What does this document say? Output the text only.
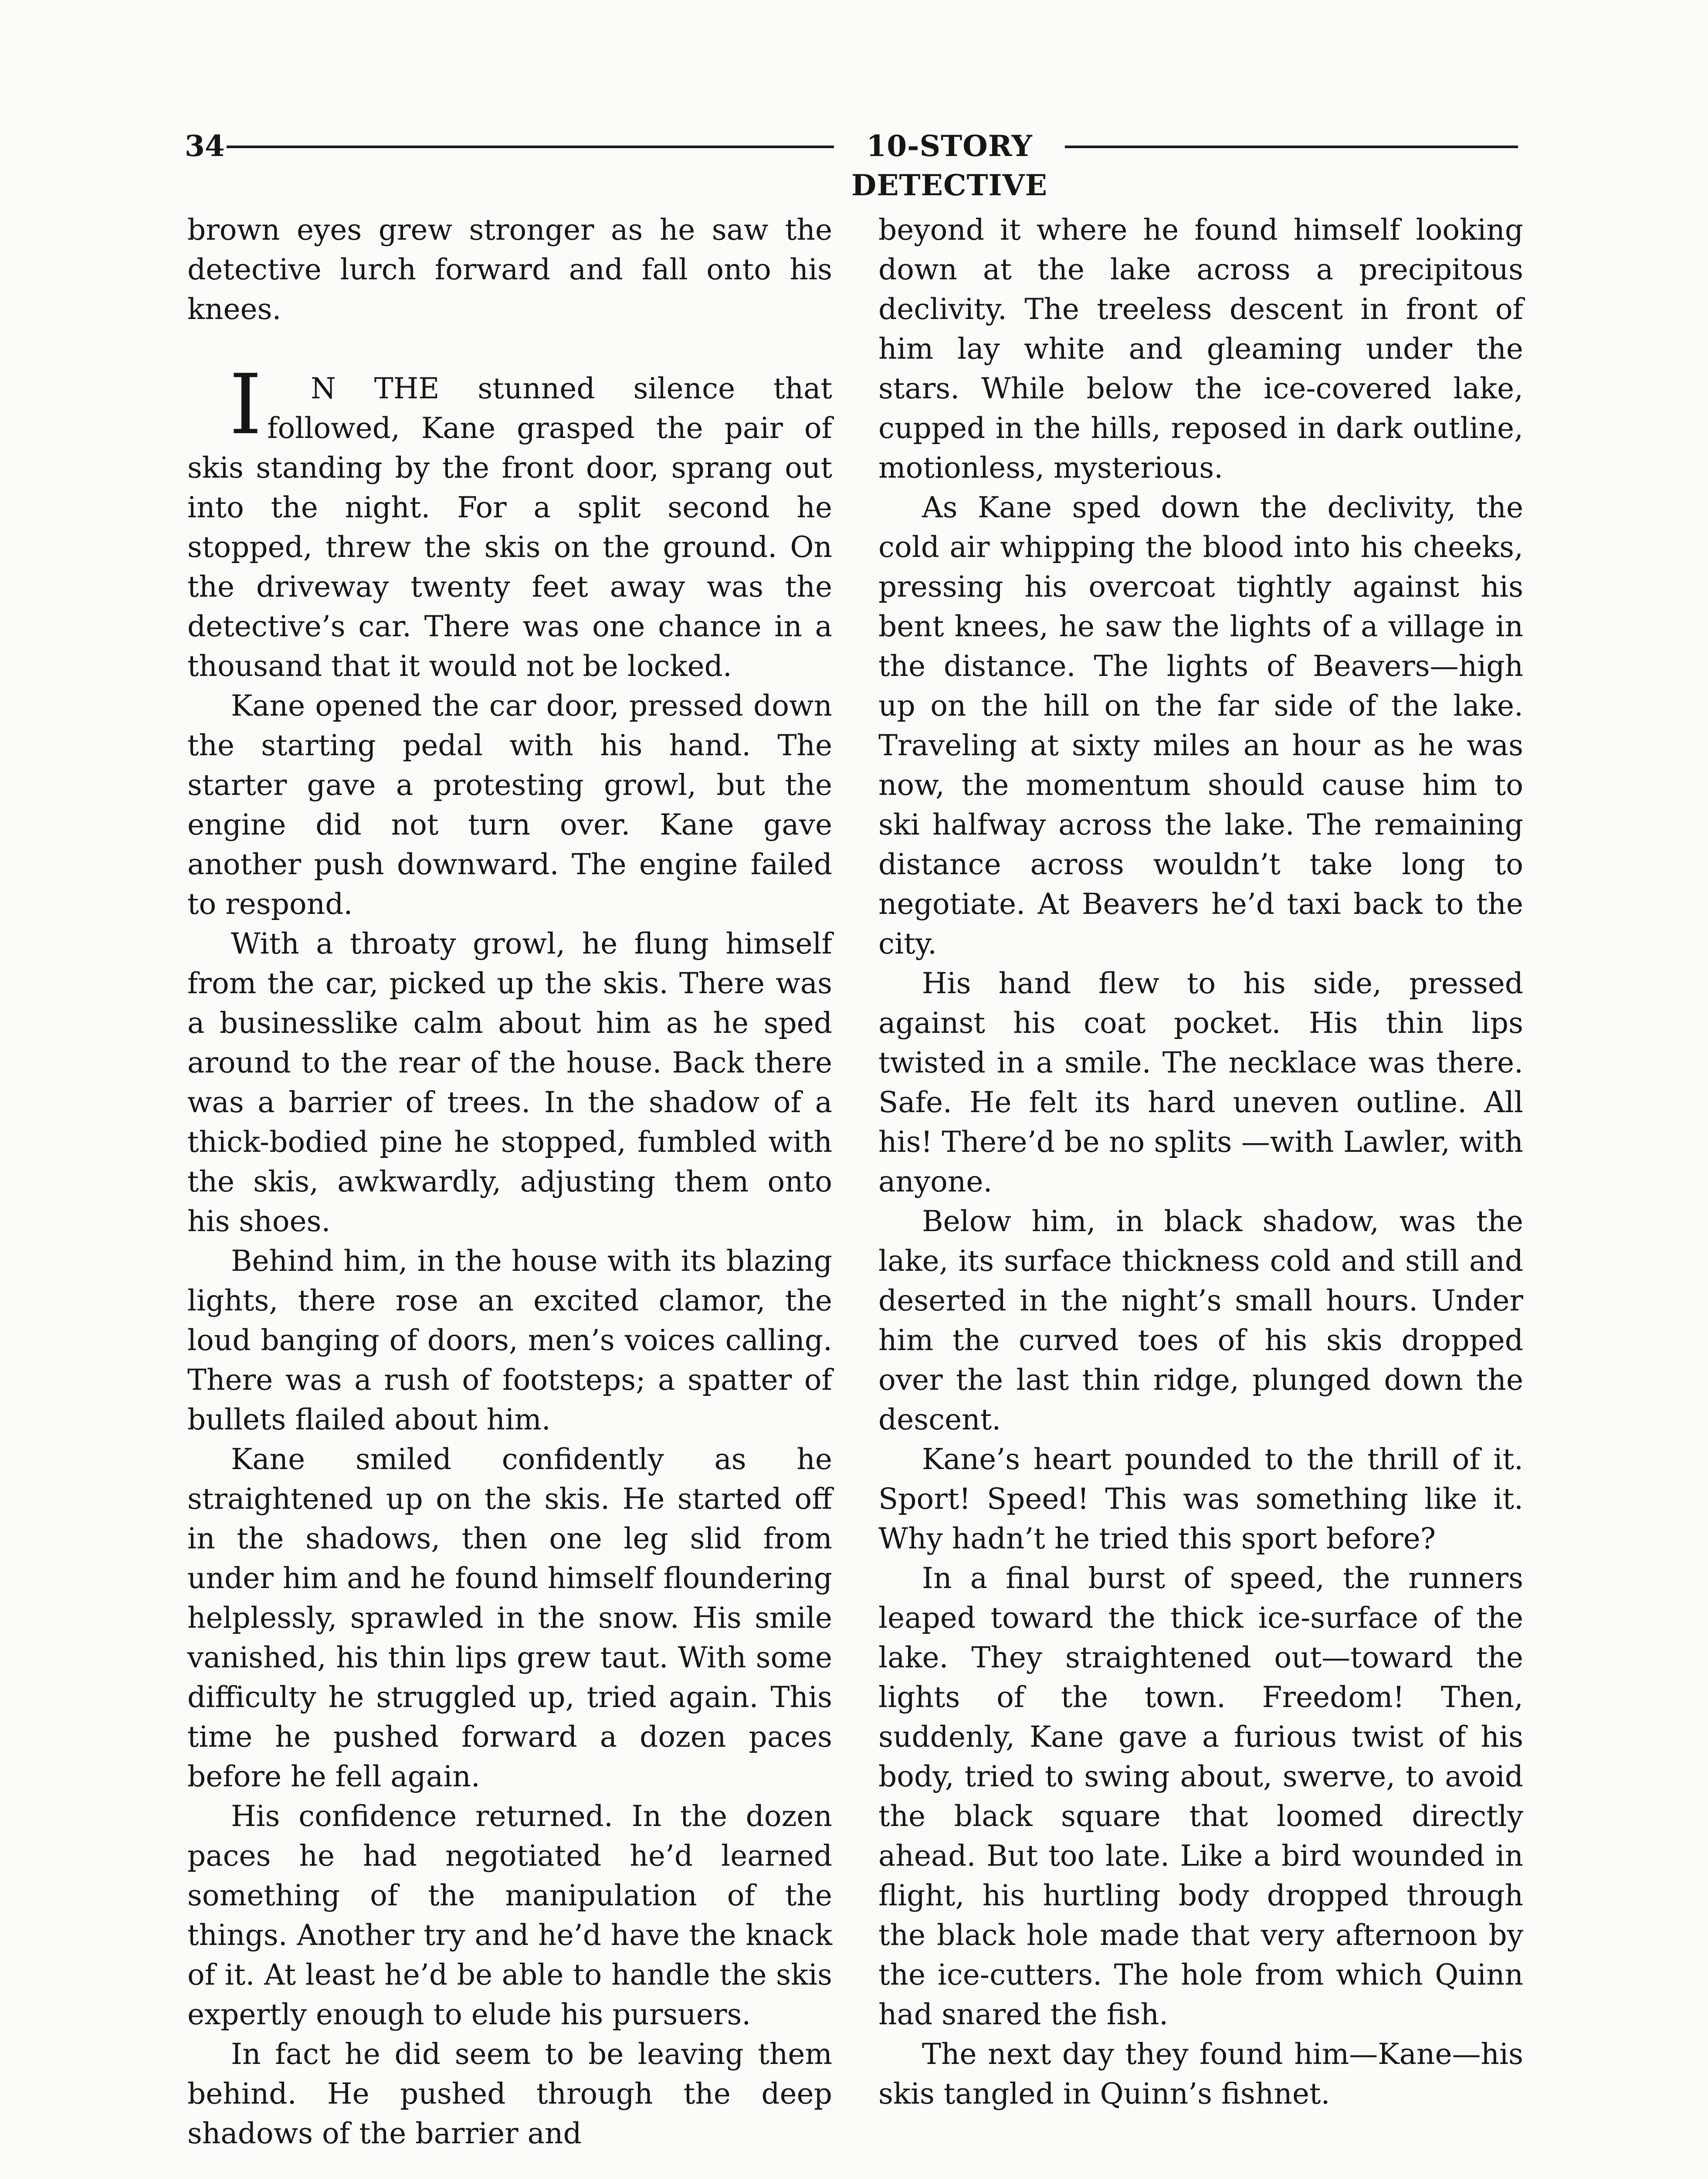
34	10-STORY DETECTIVE

brown eyes grew stronger as he saw the detective lurch forward and fall onto his knees.

I N THE stunned silence that followed, Kane grasped the pair of skis standing by the front door, sprang out into the night. For a split second he stopped, threw the skis on the ground. On the driveway twenty feet away was the detective’s car. There was one chance in a thousand that it would not be locked.

Kane opened the car door, pressed down the starting pedal with his hand. The starter gave a protesting growl, but the engine did not turn over. Kane gave another push downward. The engine failed to respond.

With a throaty growl, he flung himself from the car, picked up the skis. There was a businesslike calm about him as he sped around to the rear of the house. Back there was a barrier of trees. In the shadow of a thick-bodied pine he stopped, fumbled with the skis, awkwardly, adjusting them onto his shoes.

Behind him, in the house with its blazing lights, there rose an excited clamor, the loud banging of doors, men’s voices calling. There was a rush of footsteps; a spatter of bullets flailed about him.

Kane smiled confidently as he straightened up on the skis. He started off in the shadows, then one leg slid from under him and he found himself floundering helplessly, sprawled in the snow. His smile vanished, his thin lips grew taut. With some difficulty he struggled up, tried again. This time he pushed forward a dozen paces before he fell again.

His confidence returned. In the dozen paces he had negotiated he’d learned something of the manipulation of the things. Another try and he’d have the knack of it. At least he’d be able to handle the skis expertly enough to elude his pursuers.

In fact he did seem to be leaving them behind. He pushed through the deep shadows of the barrier and

beyond it where he found himself looking down at the lake across a precipitous declivity. The treeless descent in front of him lay white and gleaming under the stars. While below the ice-covered lake, cupped in the hills, reposed in dark outline, motionless, mysterious.

As Kane sped down the declivity, the cold air whipping the blood into his cheeks, pressing his overcoat tightly against his bent knees, he saw the lights of a village in the distance. The lights of Beavers—high up on the hill on the far side of the lake. Traveling at sixty miles an hour as he was now, the momentum should cause him to ski halfway across the lake. The remaining distance across wouldn’t take long to negotiate. At Beavers he’d taxi back to the city.

His hand flew to his side, pressed against his coat pocket. His thin lips twisted in a smile. The necklace was there. Safe. He felt its hard uneven outline. All his! There’d be no splits —with Lawler, with anyone.

Below him, in black shadow, was the lake, its surface thickness cold and still and deserted in the night’s small hours. Under him the curved toes of his skis dropped over the last thin ridge, plunged down the descent.

Kane’s heart pounded to the thrill of it. Sport! Speed! This was something like it. Why hadn’t he tried this sport before?

In a final burst of speed, the runners leaped toward the thick ice-surface of the lake. They straightened out—toward the lights of the town. Freedom! Then, suddenly, Kane gave a furious twist of his body, tried to swing about, swerve, to avoid the black square that loomed directly ahead. But too late. Like a bird wounded in flight, his hurtling body dropped through the black hole made that very afternoon by the ice-cutters. The hole from which Quinn had snared the fish.

The next day they found him—Kane—his skis tangled in Quinn’s fishnet.
